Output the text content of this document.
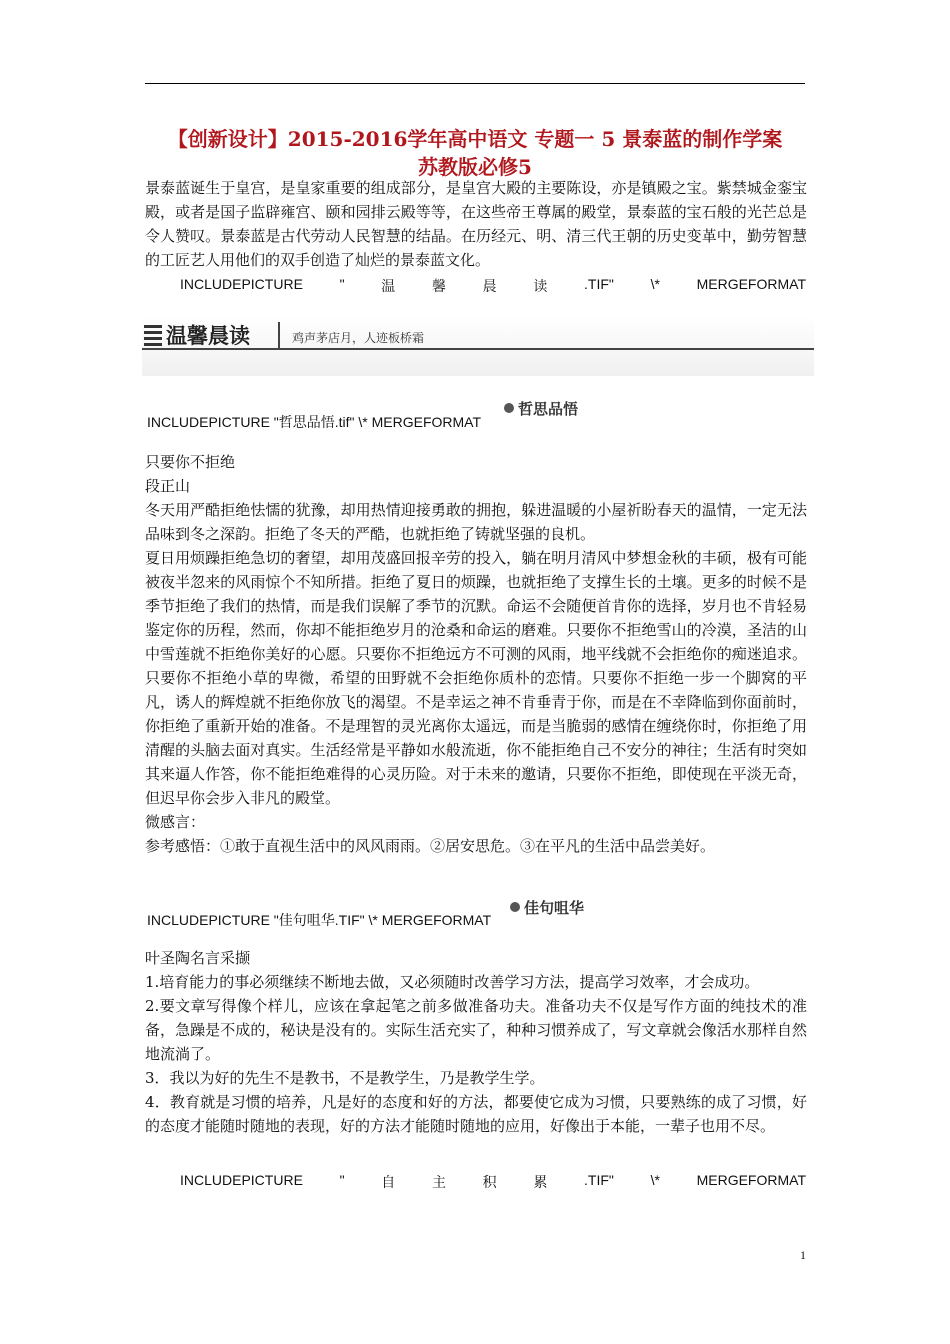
【创新设计】2015-2016学年高中语文 专题一 5 景泰蓝的制作学案
苏教版必修5
景泰蓝诞生于皇宫，是皇家重要的组成部分，是皇宫大殿的主要陈设，亦是镇殿之宝。紫禁城金銮宝殿，或者是国子监辟雍宫、颐和园排云殿等等，在这些帝王尊属的殿堂，景泰蓝的宝石般的光芒总是令人赞叹。景泰蓝是古代劳动人民智慧的结晶。在历经元、明、清三代王朝的历史变革中，勤劳智慧的工匠艺人用他们的双手创造了灿烂的景泰蓝文化。
INCLUDEPICTURE	"	温	馨	晨	读	.TIF"	\*	MERGEFORMAT
温馨晨读	鸡声茅店月，人迹板桥霜
INCLUDEPICTURE "哲思品悟.tif" \* MERGEFORMAT
哲思品悟

只要你不拒绝

段正山

冬天用严酷拒绝怯懦的犹豫，却用热情迎接勇敢的拥抱，躲进温暖的小屋祈盼春天的温情，一定无法品味到冬之深韵。拒绝了冬天的严酷，也就拒绝了铸就坚强的良机。

夏日用烦躁拒绝急切的奢望，却用茂盛回报辛劳的投入，躺在明月清风中梦想金秋的丰硕，极有可能被夜半忽来的风雨惊个不知所措。拒绝了夏日的烦躁，也就拒绝了支撑生长的土壤。更多的时候不是季节拒绝了我们的热情，而是我们误解了季节的沉默。命运不会随便首肯你的选择，岁月也不肯轻易鉴定你的历程，然而，你却不能拒绝岁月的沧桑和命运的磨难。只要你不拒绝雪山的冷漠，圣洁的山中雪莲就不拒绝你美好的心愿。只要你不拒绝远方不可测的风雨，地平线就不会拒绝你的痴迷追求。只要你不拒绝小草的卑微，希望的田野就不会拒绝你质朴的恋情。只要你不拒绝一步一个脚窝的平凡，诱人的辉煌就不拒绝你放飞的渴望。不是幸运之神不肯垂青于你，而是在不幸降临到你面前时，你拒绝了重新开始的准备。不是理智的灵光离你太遥远，而是当脆弱的感情在缠绕你时，你拒绝了用清醒的头脑去面对真实。生活经常是平静如水般流逝，你不能拒绝自己不安分的神往；生活有时突如其来逼人作答，你不能拒绝难得的心灵历险。对于未来的邀请，只要你不拒绝，即使现在平淡无奇，但迟早你会步入非凡的殿堂。

微感言：

参考感悟：①敢于直视生活中的风风雨雨。②居安思危。③在平凡的生活中品尝美好。

INCLUDEPICTURE "佳句咀华.TIF" \* MERGEFORMAT
佳句咀华

叶圣陶名言采撷

1.培育能力的事必须继续不断地去做，又必须随时改善学习方法，提高学习效率，才会成功。

2.要文章写得像个样儿，应该在拿起笔之前多做准备功夫。准备功夫不仅是写作方面的纯技术的准备，急躁是不成的，秘诀是没有的。实际生活充实了，种种习惯养成了，写文章就会像活水那样自然地流淌了。

3．我以为好的先生不是教书，不是教学生，乃是教学生学。

4．教育就是习惯的培养，凡是好的态度和好的方法，都要使它成为习惯，只要熟练的成了习惯，好的态度才能随时随地的表现，好的方法才能随时随地的应用，好像出于本能，一辈子也用不尽。

INCLUDEPICTURE	"	自	主	积	累	.TIF"	\*	MERGEFORMAT
1
